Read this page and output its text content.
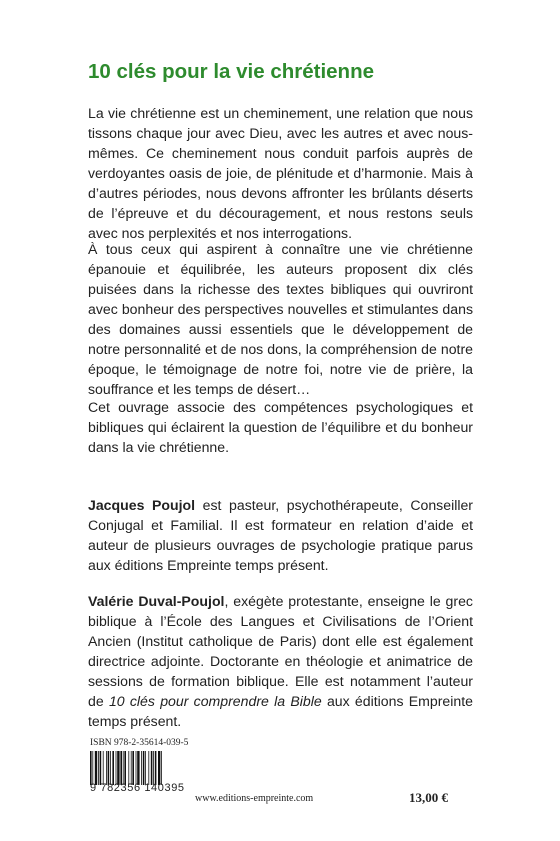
10 clés pour la vie chrétienne

La vie chrétienne est un cheminement, une relation que nous tissons chaque jour avec Dieu, avec les autres et avec nous-mêmes. Ce cheminement nous conduit parfois auprès de verdoyantes oasis de joie, de plénitude et d’harmonie. Mais à d’autres périodes, nous devons affronter les brûlants déserts de l’épreuve et du découragement, et nous restons seuls avec nos perplexités et nos interrogations.

À tous ceux qui aspirent à connaître une vie chrétienne épanouie et équilibrée, les auteurs proposent dix clés puisées dans la richesse des textes bibliques qui ouvriront avec bonheur des perspectives nouvelles et stimulantes dans des domaines aussi essentiels que le développement de notre personnalité et de nos dons, la compréhension de notre époque, le témoignage de notre foi, notre vie de prière, la souffrance et les temps de désert…

Cet ouvrage associe des compétences psychologiques et bibliques qui éclairent la question de l’équilibre et du bonheur dans la vie chrétienne.

Jacques Poujol est pasteur, psychothérapeute, Conseiller Conjugal et Familial. Il est formateur en relation d’aide et auteur de plusieurs ouvrages de psychologie pratique parus aux éditions Empreinte temps présent.

Valérie Duval-Poujol, exégète protestante, enseigne le grec biblique à l’École des Langues et Civilisations de l’Orient Ancien (Institut catholique de Paris) dont elle est également directrice adjointe. Doctorante en théologie et animatrice de sessions de formation biblique. Elle est notamment l’auteur de 10 clés pour comprendre la Bible aux éditions Empreinte temps présent.

ISBN 978-2-35614-039-5
9 782356 140395
www.editions-empreinte.com	13,00 €
